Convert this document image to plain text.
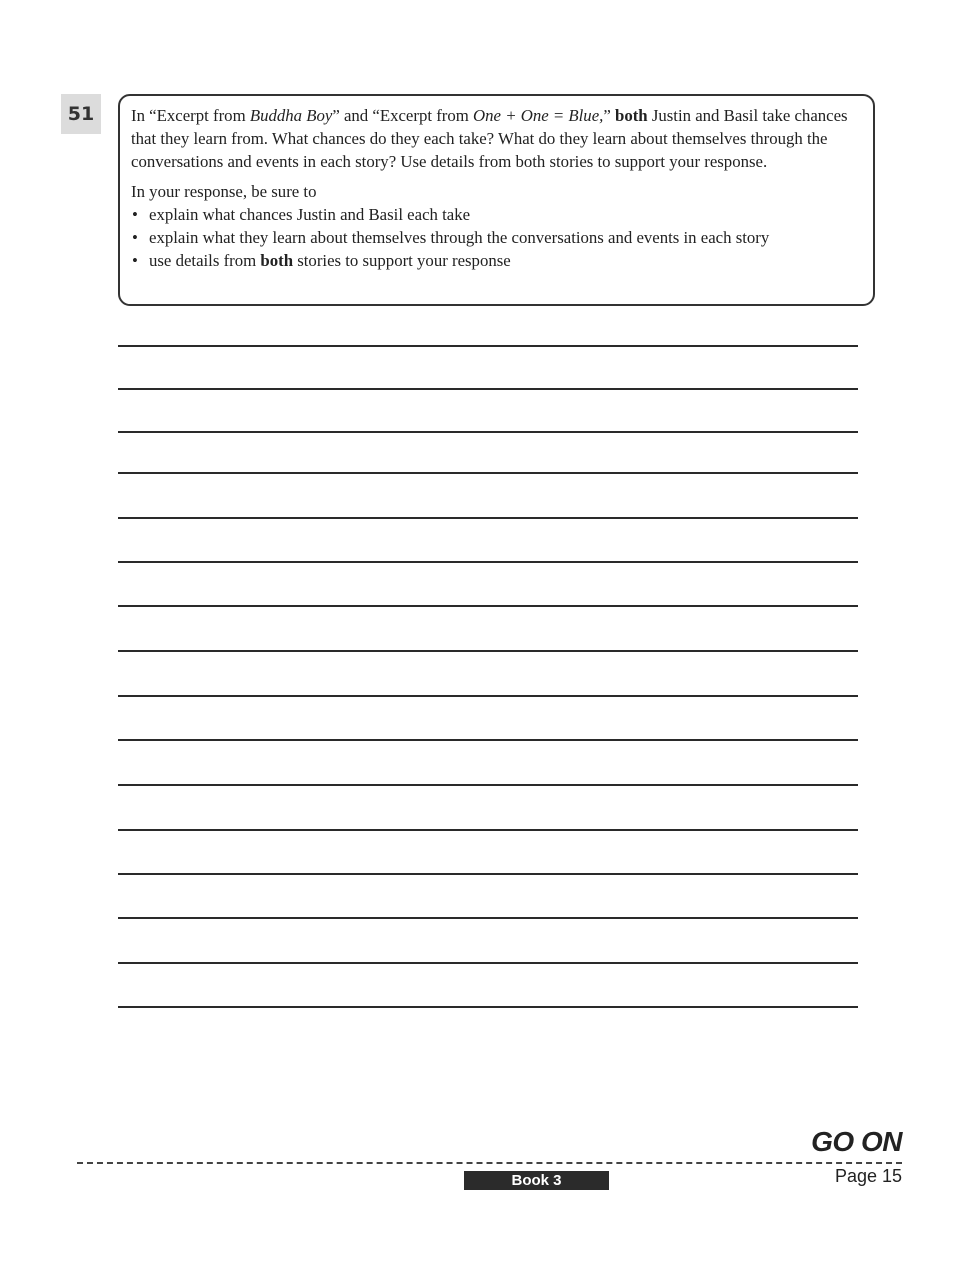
51	In “Excerpt from Buddha Boy” and “Excerpt from One + One = Blue,” both Justin and Basil take chances that they learn from. What chances do they each take? What do they learn about themselves through the conversations and events in each story? Use details from both stories to support your response.

In your response, be sure to

• explain what chances Justin and Basil each take
• explain what they learn about themselves through the conversations and events in each story
• use details from both stories to support your response
GO ON
Book 3	Page 15
